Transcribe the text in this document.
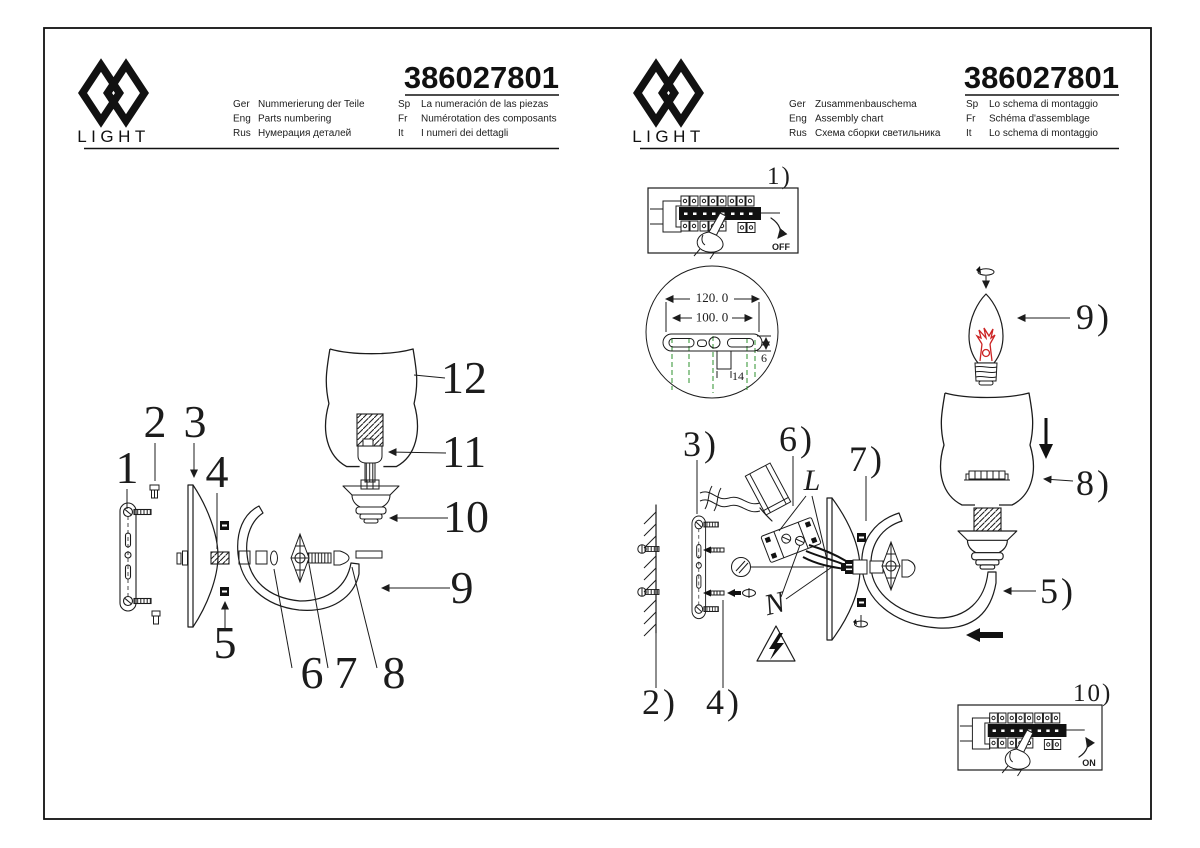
LIGHT
386027801
Ger Nummerierung der Teile
Eng Parts numbering
Rus Нумерация деталей
Sp La numeración de las piezas
Fr Numérotation des composants
It I numeri dei dettagli	LIGHT
386027801
Ger Zusammenbauschema
Eng Assembly chart
Rus Схема сборки светильника
Sp Lo schema di montaggio
Fr Schéma d'assemblage
It Lo schema di montaggio
1
2 3
4
5
6 7 8
9
10
11
12
OFF
1)
120. 0
100. 0
14
6
2)
3)
4)
6)
L
N
7)
5)
8)
9)
ON
10)
